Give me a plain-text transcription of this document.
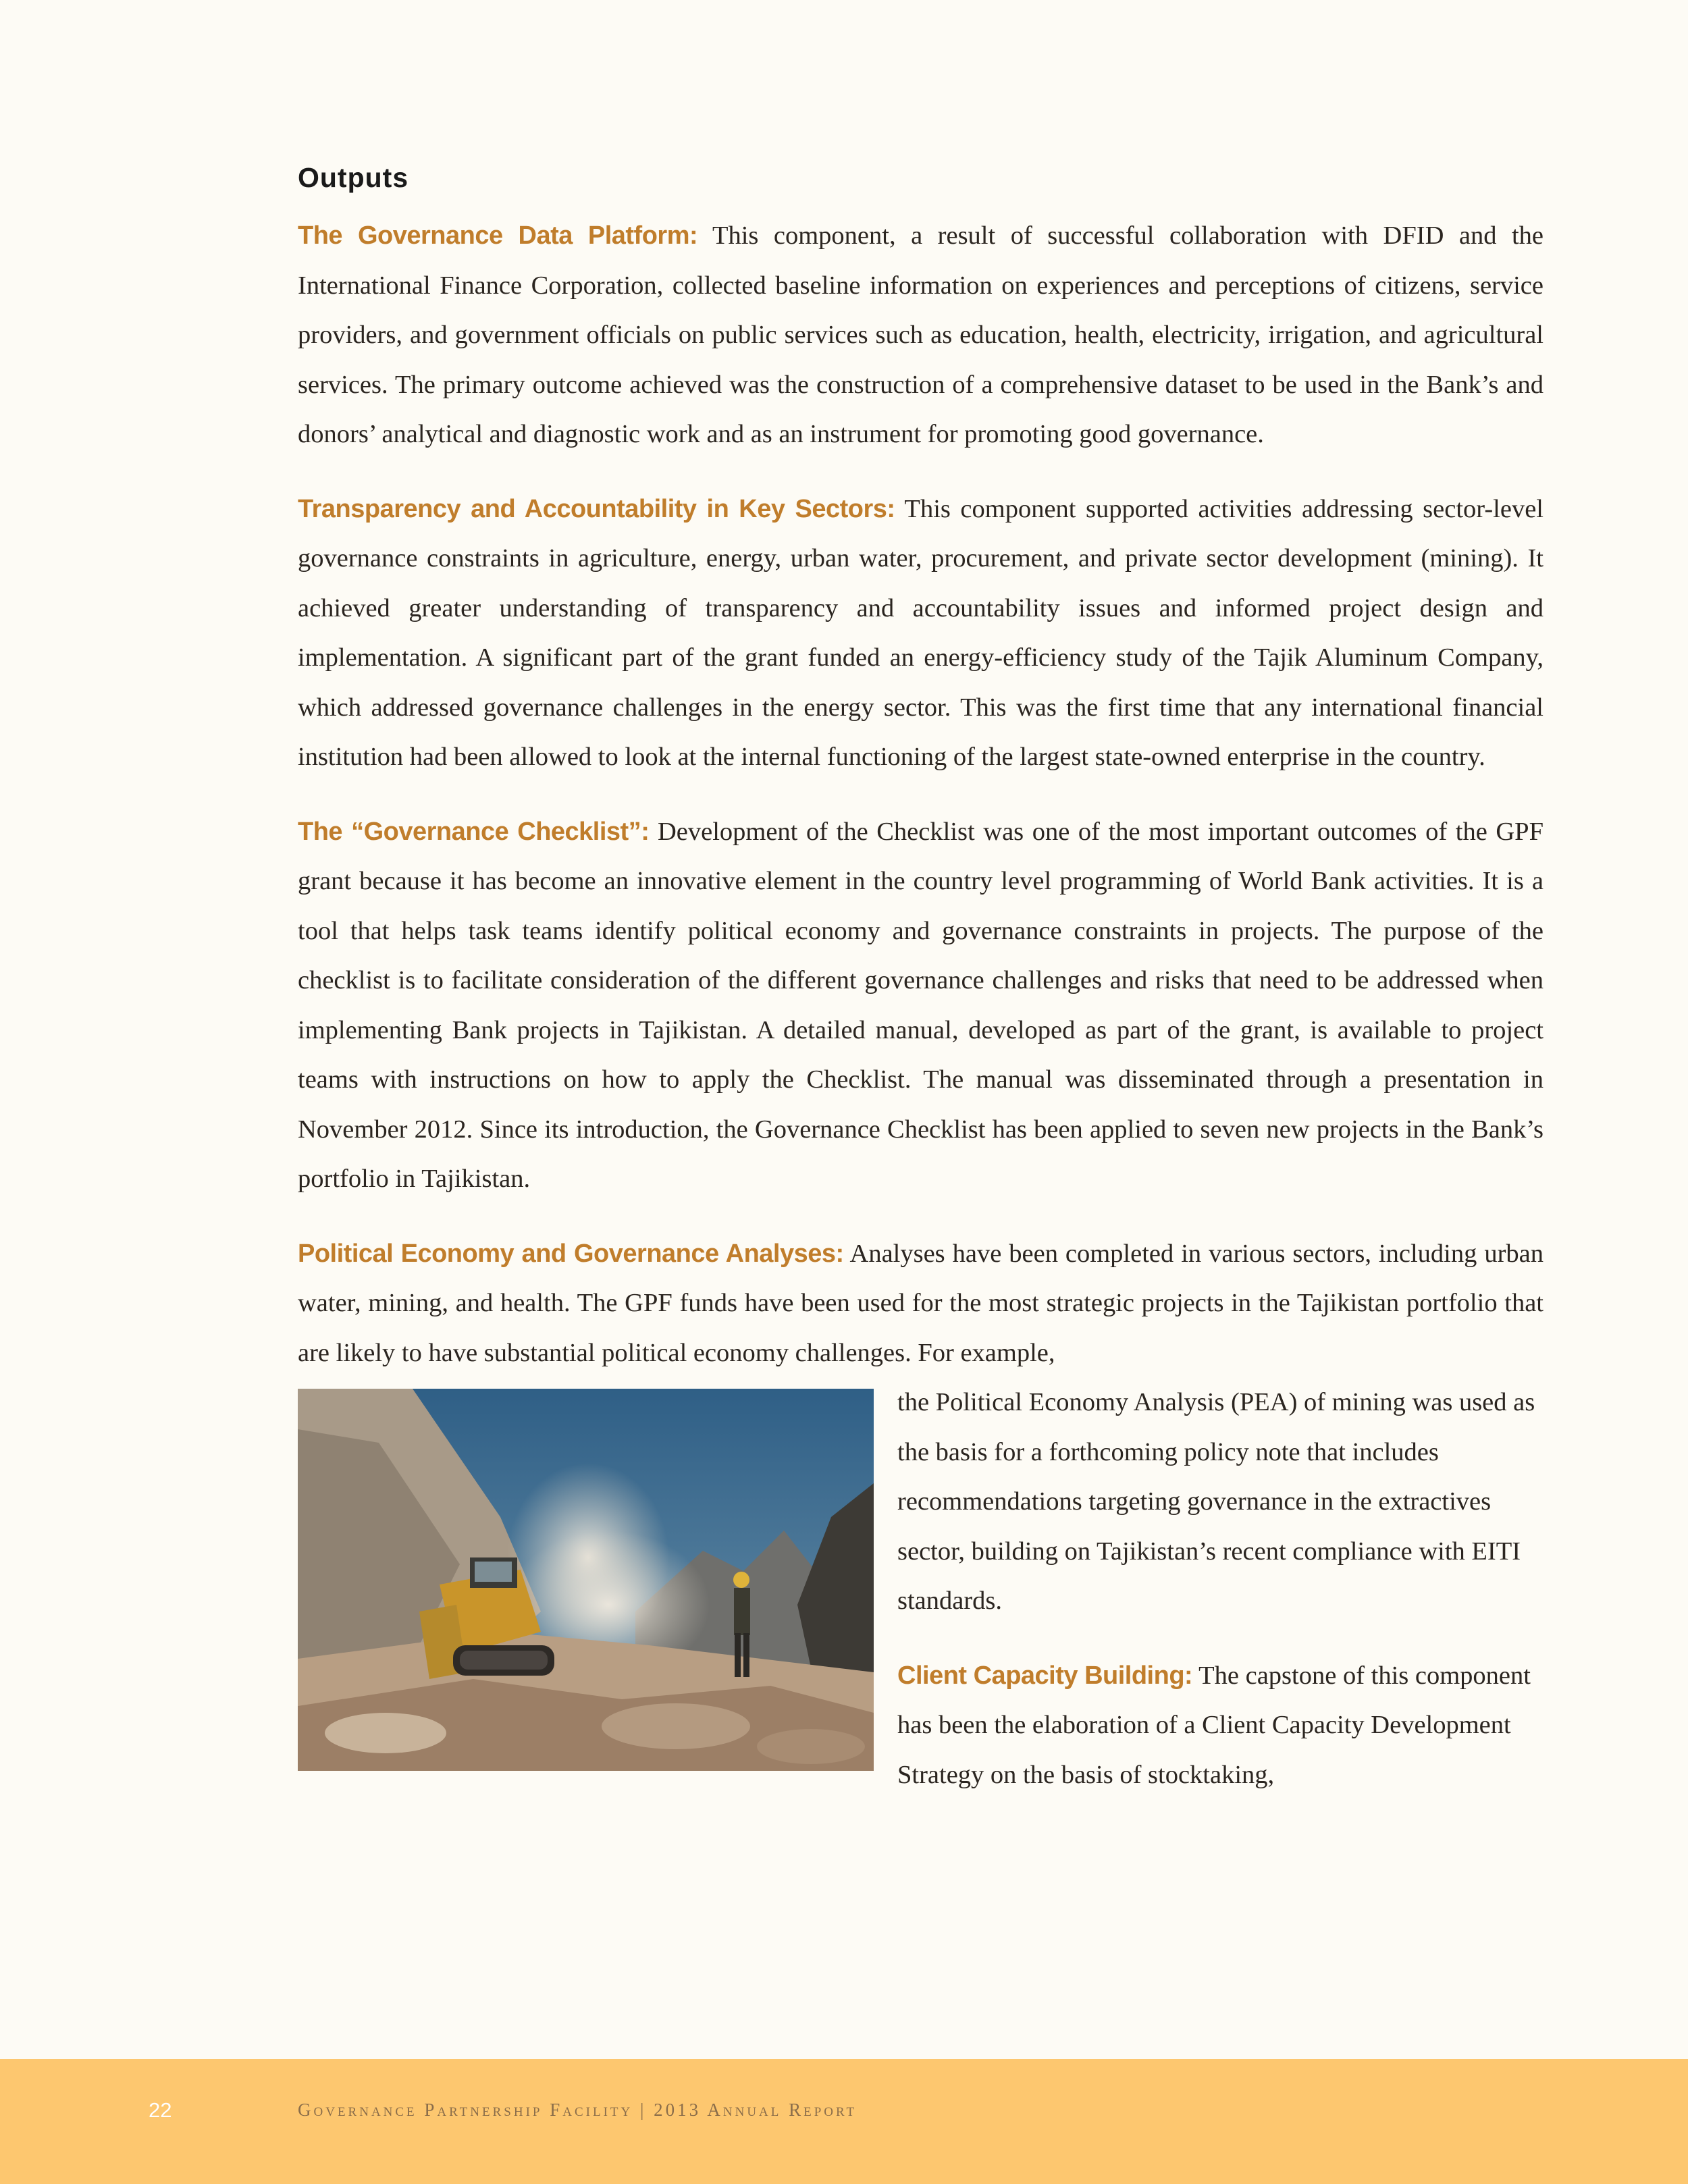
Outputs

The Governance Data Platform: This component, a result of successful collaboration with DFID and the International Finance Corporation, collected baseline information on experiences and perceptions of citizens, service providers, and government officials on public services such as education, health, electricity, irrigation, and agricultural services. The primary outcome achieved was the construction of a comprehensive dataset to be used in the Bank’s and donors’ analytical and diagnostic work and as an instrument for promoting good governance.

Transparency and Accountability in Key Sectors: This component supported activities addressing sector-level governance constraints in agriculture, energy, urban water, procurement, and private sector development (mining). It achieved greater understanding of transparency and accountability issues and informed project design and implementation. A significant part of the grant funded an energy-efficiency study of the Tajik Aluminum Company, which addressed governance challenges in the energy sector. This was the first time that any international financial institution had been allowed to look at the internal functioning of the largest state-owned enterprise in the country.

The “Governance Checklist”: Development of the Checklist was one of the most important outcomes of the GPF grant because it has become an innovative element in the country level programming of World Bank activities. It is a tool that helps task teams identify political economy and governance constraints in projects. The purpose of the checklist is to facilitate consideration of the different governance challenges and risks that need to be addressed when implementing Bank projects in Tajikistan. A detailed manual, developed as part of the grant, is available to project teams with instructions on how to apply the Checklist. The manual was disseminated through a presentation in November 2012. Since its introduction, the Governance Checklist has been applied to seven new projects in the Bank’s portfolio in Tajikistan.

Political Economy and Governance Analyses: Analyses have been completed in various sectors, including urban water, mining, and health. The GPF funds have been used for the most strategic projects in the Tajikistan portfolio that are likely to have substantial political economy challenges. For example,

the Political Economy Analysis (PEA) of mining was used as the basis for a forthcoming policy note that includes recommendations targeting governance in the extractives sector, building on Tajikistan’s recent compliance with EITI standards.

Client Capacity Building: The capstone of this component has been the elaboration of a Client Capacity Development Strategy on the basis of stocktaking,

22	Governance Partnership Facility | 2013 Annual Report
